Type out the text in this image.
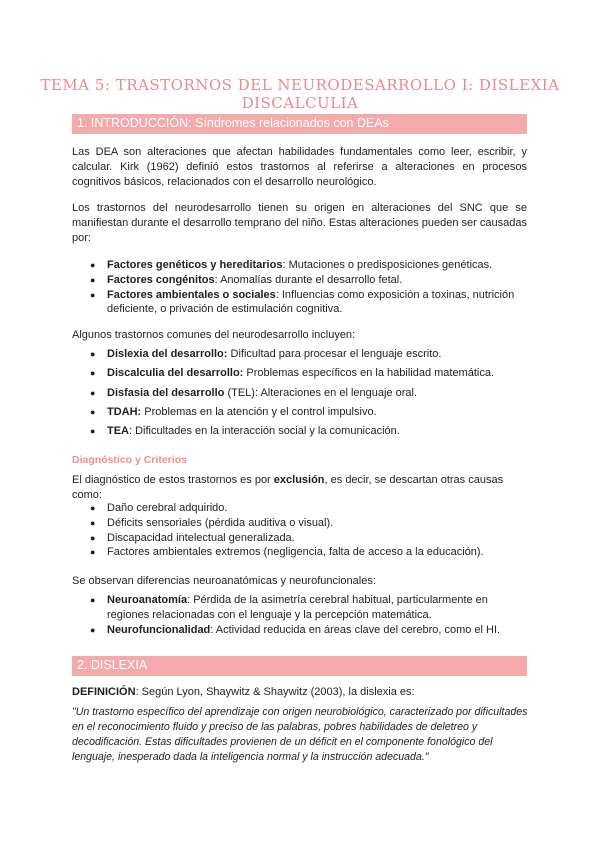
TEMA 5: TRASTORNOS DEL NEURODESARROLLO I: DISLEXIA DISCALCULIA
1. INTRODUCCIÓN: Síndromes relacionados con DEAs

Las DEA son alteraciones que afectan habilidades fundamentales como leer, escribir, y calcular. Kirk (1962) definió estos trastornos al referirse a alteraciones en procesos cognitivos básicos, relacionados con el desarrollo neurológico.

Los trastornos del neurodesarrollo tienen su origen en alteraciones del SNC que se manifiestan durante el desarrollo temprano del niño. Estas alteraciones pueden ser causadas por:

● Factores genéticos y hereditarios: Mutaciones o predisposiciones genéticas.
● Factores congénitos: Anomalías durante el desarrollo fetal.
● Factores ambientales o sociales: Influencias como exposición a toxinas, nutrición deficiente, o privación de estimulación cognitiva.

Algunos trastornos comunes del neurodesarrollo incluyen:

● Dislexia del desarrollo: Dificultad para procesar el lenguaje escrito.
● Discalculia del desarrollo: Problemas específicos en la habilidad matemática.
● Disfasia del desarrollo (TEL): Alteraciones en el lenguaje oral.
● TDAH: Problemas en la atención y el control impulsivo.
● TEA: Dificultades en la interacción social y la comunicación.

Diagnóstico y Criterios

El diagnóstico de estos trastornos es por exclusión, es decir, se descartan otras causas como:

● Daño cerebral adquirido.
● Déficits sensoriales (pérdida auditiva o visual).
● Discapacidad intelectual generalizada.
● Factores ambientales extremos (negligencia, falta de acceso a la educación).

Se observan diferencias neuroanatómicas y neurofuncionales:

● Neuroanatomía: Pérdida de la asimetría cerebral habitual, particularmente en regiones relacionadas con el lenguaje y la percepción matemática.
● Neurofuncionalidad: Actividad reducida en áreas clave del cerebro, como el HI.
2. DISLEXIA

DEFINICIÓN: Según Lyon, Shaywitz & Shaywitz (2003), la dislexia es:

"Un trastorno específico del aprendizaje con origen neurobiológico, caracterizado por dificultades en el reconocimiento fluido y preciso de las palabras, pobres habilidades de deletreo y decodificación. Estas dificultades provienen de un déficit en el componente fonológico del lenguaje, inesperado dada la inteligencia normal y la instrucción adecuada."
